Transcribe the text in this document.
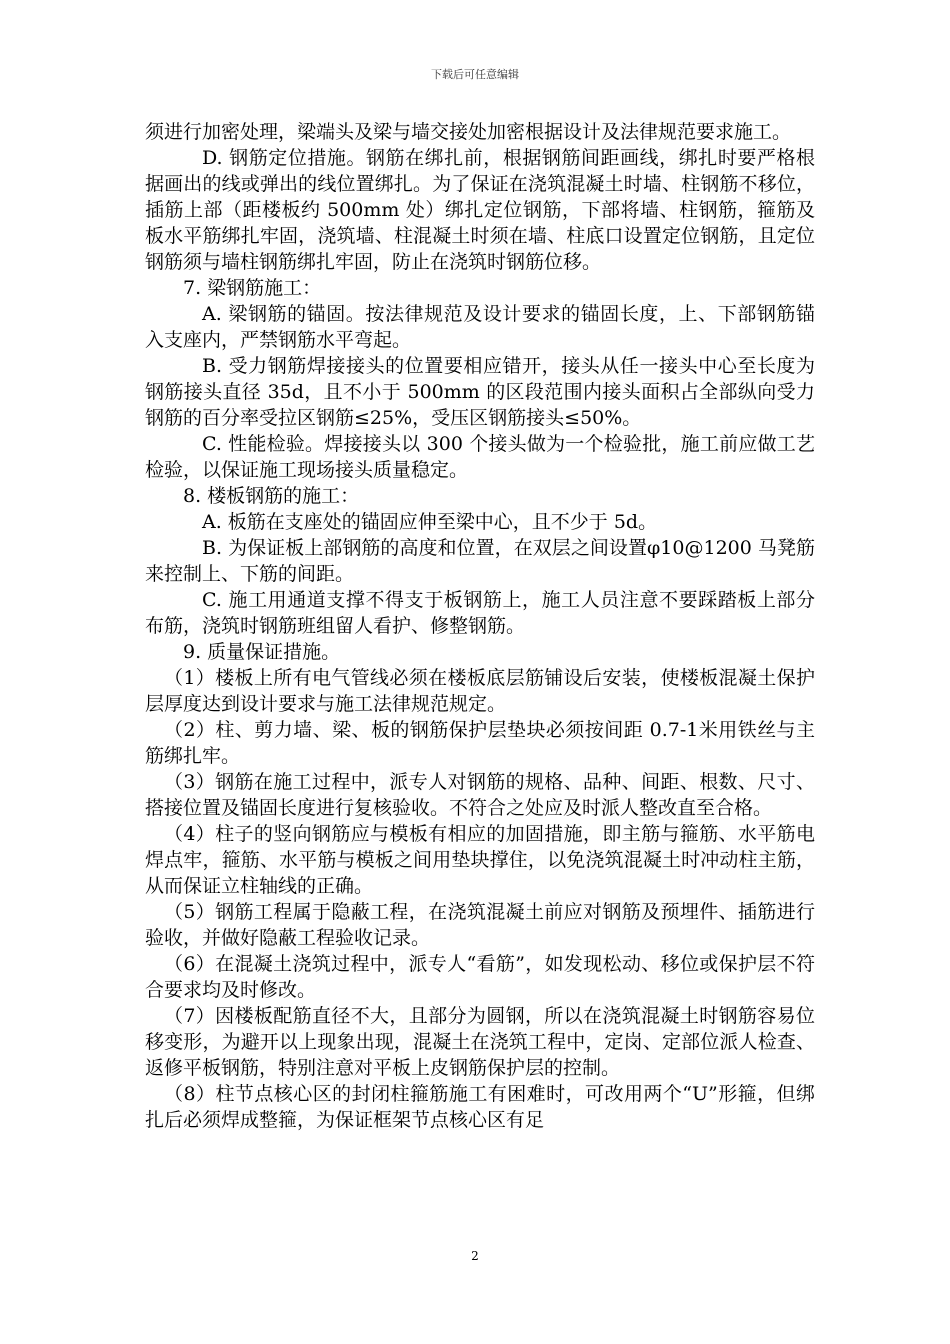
下载后可任意编辑

须进行加密处理，梁端头及梁与墙交接处加密根据设计及法律规范要求施工。

D. 钢筋定位措施。钢筋在绑扎前，根据钢筋间距画线，绑扎时要严格根据画出的线或弹出的线位置绑扎。为了保证在浇筑混凝土时墙、柱钢筋不移位，插筋上部（距楼板约 500mm 处）绑扎定位钢筋，下部将墙、柱钢筋，箍筋及板水平筋绑扎牢固，浇筑墙、柱混凝土时须在墙、柱底口设置定位钢筋，且定位钢筋须与墙柱钢筋绑扎牢固，防止在浇筑时钢筋位移。

7. 梁钢筋施工：

A. 梁钢筋的锚固。按法律规范及设计要求的锚固长度，上、下部钢筋锚入支座内，严禁钢筋水平弯起。

B. 受力钢筋焊接接头的位置要相应错开，接头从任一接头中心至长度为钢筋接头直径 35d，且不小于 500mm 的区段范围内接头面积占全部纵向受力钢筋的百分率受拉区钢筋≤25%，受压区钢筋接头≤50%。

C. 性能检验。焊接接头以 300 个接头做为一个检验批，施工前应做工艺检验，以保证施工现场接头质量稳定。

8. 楼板钢筋的施工：

A. 板筋在支座处的锚固应伸至梁中心，且不少于 5d。

B. 为保证板上部钢筋的高度和位置，在双层之间设置φ10@1200 马凳筋来控制上、下筋的间距。

C. 施工用通道支撑不得支于板钢筋上，施工人员注意不要踩踏板上部分布筋，浇筑时钢筋班组留人看护、修整钢筋。

9. 质量保证措施。

（1）楼板上所有电气管线必须在楼板底层筋铺设后安装，使楼板混凝土保护层厚度达到设计要求与施工法律规范规定。

（2）柱、剪力墙、梁、板的钢筋保护层垫块必须按间距 0.7-1米用铁丝与主筋绑扎牢。

（3）钢筋在施工过程中，派专人对钢筋的规格、品种、间距、根数、尺寸、搭接位置及锚固长度进行复核验收。不符合之处应及时派人整改直至合格。

（4）柱子的竖向钢筋应与模板有相应的加固措施，即主筋与箍筋、水平筋电焊点牢，箍筋、水平筋与模板之间用垫块撑住，以免浇筑混凝土时冲动柱主筋，从而保证立柱轴线的正确。

（5）钢筋工程属于隐蔽工程，在浇筑混凝土前应对钢筋及预埋件、插筋进行验收，并做好隐蔽工程验收记录。

（6）在混凝土浇筑过程中，派专人“看筋”，如发现松动、移位或保护层不符合要求均及时修改。

（7）因楼板配筋直径不大，且部分为圆钢，所以在浇筑混凝土时钢筋容易位移变形，为避开以上现象出现，混凝土在浇筑工程中，定岗、定部位派人检查、返修平板钢筋，特别注意对平板上皮钢筋保护层的控制。

（8）柱节点核心区的封闭柱箍筋施工有困难时，可改用两个“U”形箍，但绑扎后必须焊成整箍，为保证框架节点核心区有足

2
